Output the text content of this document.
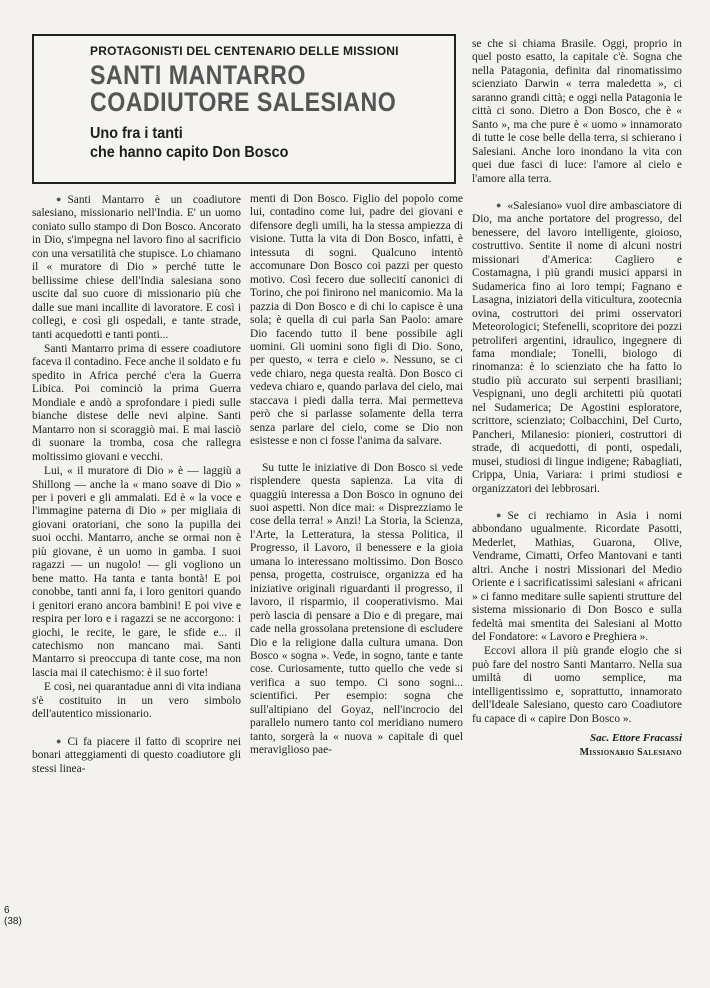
PROTAGONISTI DEL CENTENARIO DELLE MISSIONI
SANTI MANTARRO
COADIUTORE SALESIANO
Uno fra i tanti
che hanno capito Don Bosco

● Santi Mantarro è un coadiutore salesiano, missionario nell'India. E' un uomo coniato sullo stampo di Don Bosco. Ancorato in Dio, s'impegna nel lavoro fino al sacrificio con una versatilità che stupisce. Lo chiamano il « muratore di Dio » perché tutte le bellissime chiese dell'India salesiana sono uscite dal suo cuore di missionario più che dalle sue mani incallite di lavoratore. E così i collegi, e così gli ospedali, e tante strade, tanti acquedotti e tanti ponti...

Santi Mantarro prima di essere coadiutore faceva il contadino. Fece anche il soldato e fu spedito in Africa perché c'era la Guerra Libica. Poi cominciò la prima Guerra Mondiale e andò a sprofondare i piedi sulle bianche distese delle nevi alpine. Santi Mantarro non si scoraggiò mai. E mai lasciò di suonare la tromba, cosa che rallegra moltissimo giovani e vecchi.

Lui, « il muratore di Dio » è — laggiù a Shillong — anche la « mano soave di Dio » per i poveri e gli ammalati. Ed è « la voce e l'immagine paterna di Dio » per migliaia di giovani oratoriani, che sono la pupilla dei suoi occhi. Mantarro, anche se ormai non è più giovane, è un uomo in gamba. I suoi ragazzi — un nugolo! — gli vogliono un bene matto. Ha tanta e tanta bontà! E poi conobbe, tanti anni fa, i loro genitori quando i genitori erano ancora bambini! E poi vive e respira per loro e i ragazzi se ne accorgono: i giochi, le recite, le gare, le sfide e... il catechismo non mancano mai. Santi Mantarro si preoccupa di tante cose, ma non lascia mai il catechismo: è il suo forte!

E così, nei quarantadue anni di vita indiana s'è costituito in un vero simbolo dell'autentico missionario.

● Ci fa piacere il fatto di scoprire nei bonari atteggiamenti di questo coadiutore gli stessi linea-

menti di Don Bosco. Figlio del popolo come lui, contadino come lui, padre dei giovani e difensore degli umili, ha la stessa ampiezza di visione. Tutta la vita di Don Bosco, infatti, è intessuta di sogni. Qualcuno intentò accomunare Don Bosco coi pazzi per questo motivo. Così fecero due sollecití canonici di Torino, che poi finirono nel manicomio. Ma la pazzia di Don Bosco e di chi lo capisce è una sola; è quella di cui parla San Paolo: amare Dio facendo tutto il bene possibile agli uomini. Gli uomini sono figli di Dio. Sono, per questo, « terra e cielo ». Nessuno, se ci vede chiaro, nega questa realtà. Don Bosco ci vedeva chiaro e, quando parlava del cielo, mai staccava i piedi dalla terra. Mai permetteva però che si parlasse solamente della terra senza parlare del cielo, come se Dio non esistesse e non ci fosse l'anima da salvare.

Su tutte le iniziative di Don Bosco si vede risplendere questa sapienza. La vita di quaggiù interessa a Don Bosco in ognuno dei suoi aspetti. Non dice mai: « Disprezziamo le cose della terra! » Anzi! La Storia, la Scienza, l'Arte, la Letteratura, la stessa Politica, il Progresso, il Lavoro, il benessere e la gioia umana lo interessano moltissimo. Don Bosco pensa, progetta, costruisce, organizza ed ha iniziative originali riguardanti il progresso, il lavoro, il risparmio, il cooperativismo. Mai però lascia di pensare a Dio e di pregare, mai cade nella grossolana pretensione di escludere Dio e la religione dalla cultura umana. Don Bosco « sogna ». Vede, in sogno, tante e tante cose. Curiosamente, tutto quello che vede si verifica a suo tempo. Ci sono sogni... scientifici. Per esempio: sogna che sull'altipiano del Goyaz, nell'incrocio del parallelo numero tanto col meridiano numero tanto, sorgerà la « nuova » capitale di quel meraviglioso pae-

se che si chiama Brasile. Oggi, proprio in quel posto esatto, la capitale c'è. Sogna che nella Patagonia, definita dal rinomatissimo scienziato Darwin « terra maledetta », ci saranno grandi città; e oggi nella Patagonia le città ci sono. Dietro a Don Bosco, che è « Santo », ma che pure è « uomo » innamorato di tutte le cose belle della terra, si schierano i Salesiani. Anche loro inondano la vita con quei due fasci di luce: l'amore al cielo e l'amore alla terra.

● «Salesiano» vuol dire ambasciatore di Dio, ma anche portatore del progresso, del benessere, del lavoro intelligente, gioioso, costruttivo. Sentite il nome di alcuni nostri missionari d'America: Cagliero e Costamagna, i più grandi musici apparsi in Sudamerica fino ai loro tempi; Fagnano e Lasagna, iniziatori della viticultura, zootecnia ovina, costruttori dei primi osservatori Meteorologici; Stefenelli, scopritore dei pozzi petroliferi argentini, idraulico, ingegnere di fama mondiale; Tonelli, biologo di rinomanza: è lo scienziato che ha fatto lo studio più accurato sui serpenti brasiliani; Vespignani, uno degli architetti più quotati nel Sudamerica; De Agostini esploratore, scrittore, scienziato; Colbacchini, Del Curto, Pancheri, Milanesio: pionieri, costruttori di strade, di acquedotti, di ponti, ospedali, musei, studiosi di lingue indigene; Rabagliati, Crippa, Unia, Variara: i primi studiosi e organizzatori dei lebbrosari.

● Se ci rechiamo in Asia i nomi abbondano ugualmente. Ricordate Pasotti, Mederlet, Mathias, Guarona, Olive, Vendrame, Cimatti, Orfeo Mantovani e tanti altri. Anche i nostri Missionari del Medio Oriente e i sacrificatissimi salesiani « africani » ci fanno meditare sulle sapienti strutture del sistema missionario di Don Bosco e sulla fedeltà mai smentita dei Salesiani al Motto del Fondatore: « Lavoro e Preghiera ».

Eccovi allora il più grande elogio che si può fare del nostro Santi Mantarro. Nella sua umiltà di uomo semplice, ma intelligentissimo e, soprattutto, innamorato dell'Ideale Salesiano, questo caro Coadiutore fu capace di « capire Don Bosco ».

Sac. Ettore Fracassi
Missionario Salesiano
6
(38)
